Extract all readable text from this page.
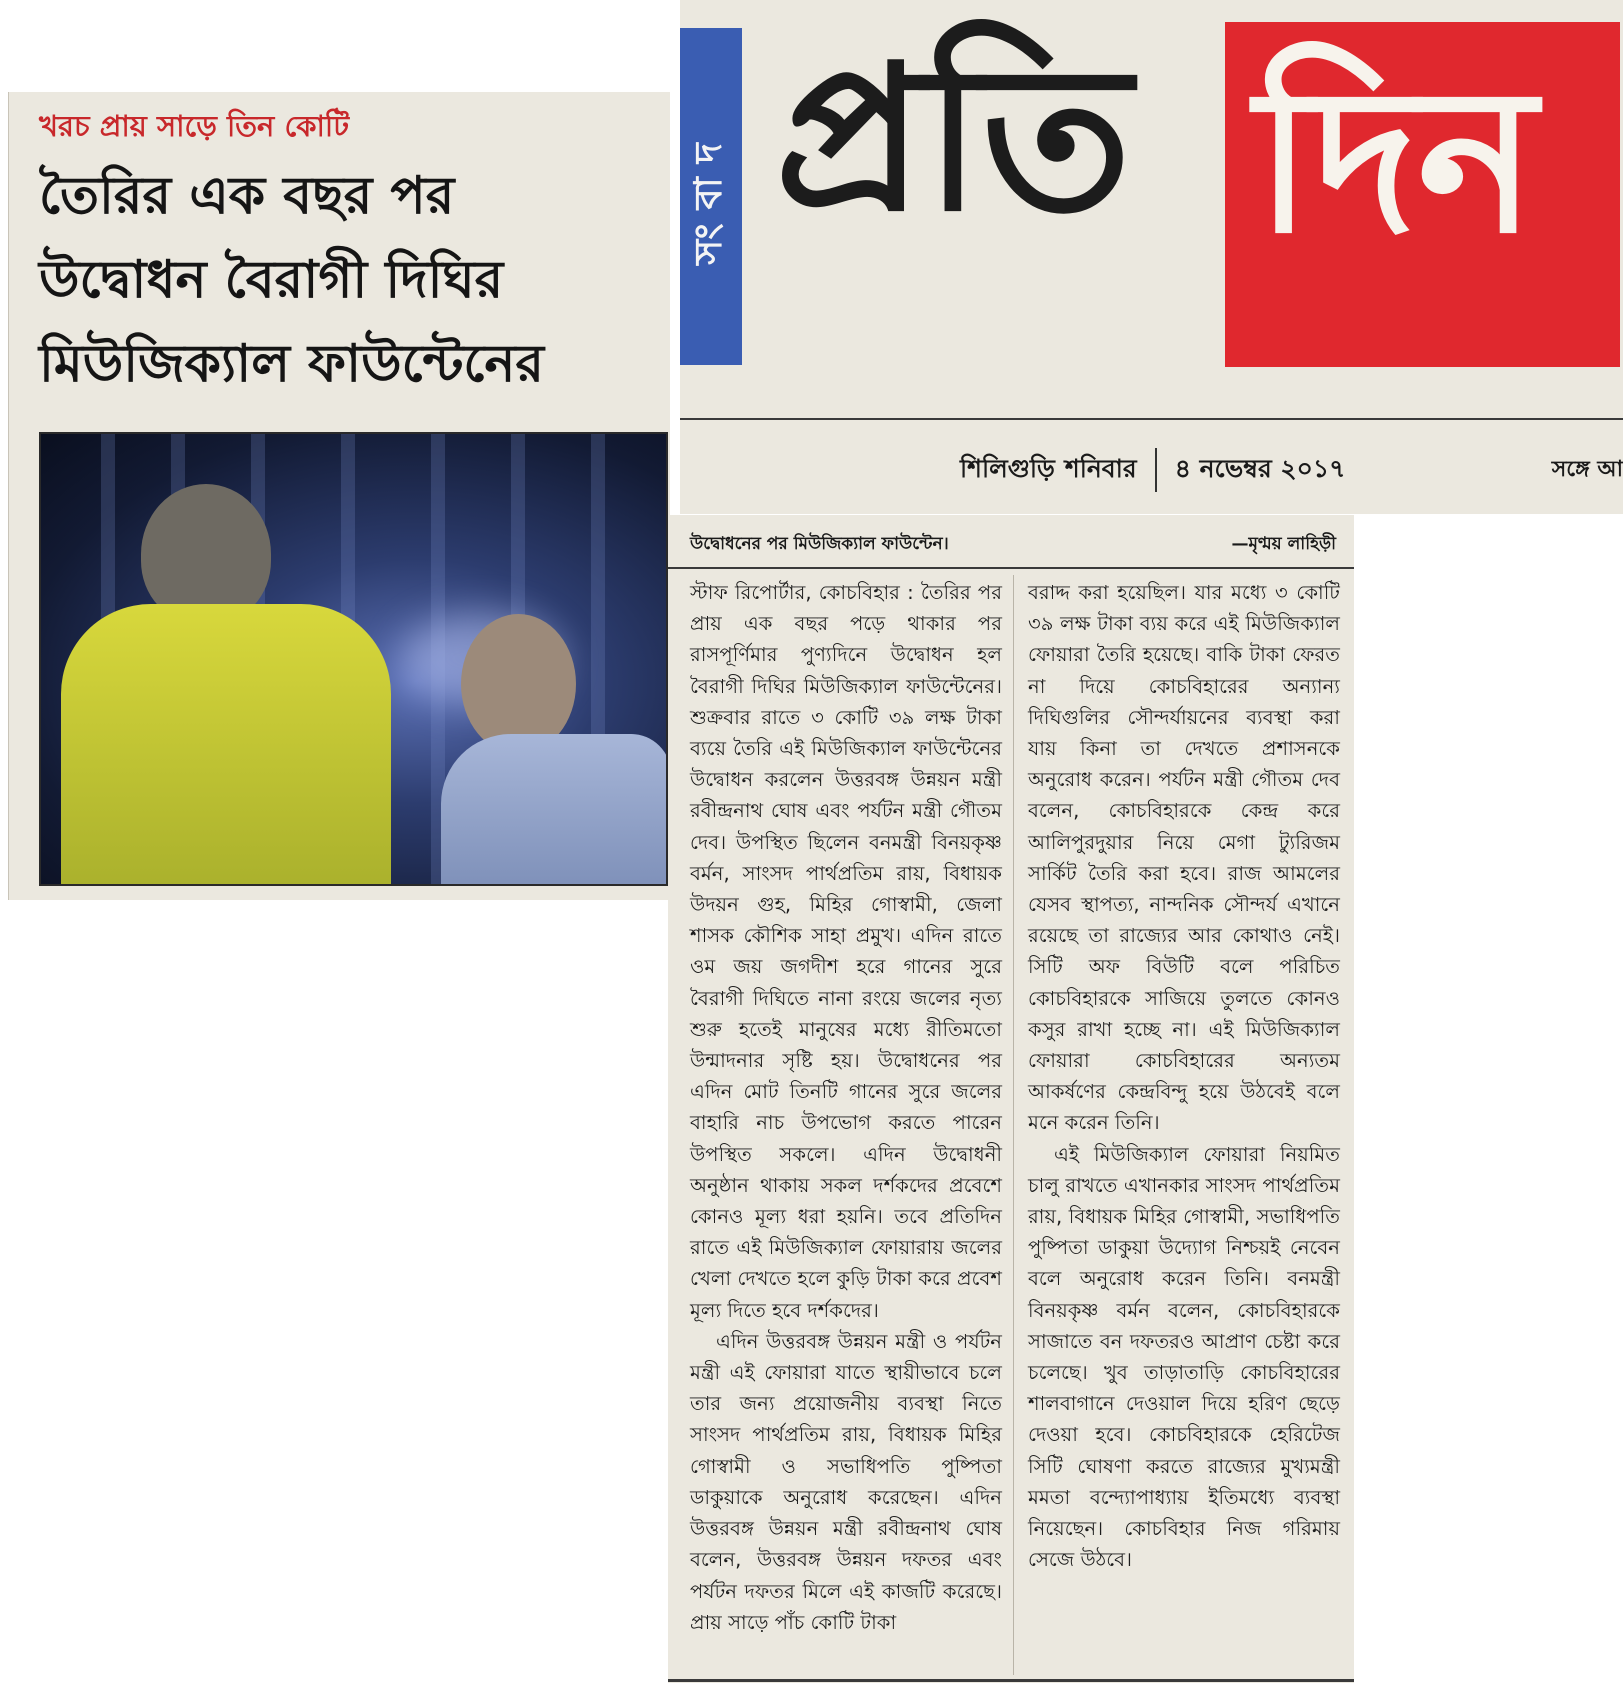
খরচ প্রায় সাড়ে তিন কোটি
তৈরির এক বছর পর
উদ্বোধন বৈরাগী দিঘির
মিউজিক্যাল ফাউন্টেনের
সংবাদ প্রতি দিন
শিলিগুড়ি শনিবার ৪ নভেম্বর ২০১৭	সঙ্গে আ
উদ্বোধনের পর মিউজিক্যাল ফাউন্টেন।	—মৃণ্ময় লাহিড়ী

স্টাফ রিপোর্টার, কোচবিহার : তৈরির পর প্রায় এক বছর পড়ে থাকার পর রাসপূর্ণিমার পুণ্যদিনে উদ্বোধন হল বৈরাগী দিঘির মিউজিক্যাল ফাউন্টেনের। শুক্রবার রাতে ৩ কোটি ৩৯ লক্ষ টাকা ব্যয়ে তৈরি এই মিউজিক্যাল ফাউন্টেনের উদ্বোধন করলেন উত্তরবঙ্গ উন্নয়ন মন্ত্রী রবীন্দ্রনাথ ঘোষ এবং পর্যটন মন্ত্রী গৌতম দেব। উপস্থিত ছিলেন বনমন্ত্রী বিনয়কৃষ্ণ বর্মন, সাংসদ পার্থপ্রতিম রায়, বিধায়ক উদয়ন গুহ, মিহির গোস্বামী, জেলা শাসক কৌশিক সাহা প্রমুখ। এদিন রাতে ওম জয় জগদীশ হরে গানের সুরে বৈরাগী দিঘিতে নানা রংয়ে জলের নৃত্য শুরু হতেই মানুষের মধ্যে রীতিমতো উন্মাদনার সৃষ্টি হয়। উদ্বোধনের পর এদিন মোট তিনটি গানের সুরে জলের বাহারি নাচ উপভোগ করতে পারেন উপস্থিত সকলে। এদিন উদ্বোধনী অনুষ্ঠান থাকায় সকল দর্শকদের প্রবেশে কোনও মূল্য ধরা হয়নি। তবে প্রতিদিন রাতে এই মিউজিক্যাল ফোয়ারায় জলের খেলা দেখতে হলে কুড়ি টাকা করে প্রবেশ মূল্য দিতে হবে দর্শকদের।

এদিন উত্তরবঙ্গ উন্নয়ন মন্ত্রী ও পর্যটন মন্ত্রী এই ফোয়ারা যাতে স্থায়ীভাবে চলে তার জন্য প্রয়োজনীয় ব্যবস্থা নিতে সাংসদ পার্থপ্রতিম রায়, বিধায়ক মিহির গোস্বামী ও সভাধিপতি পুষ্পিতা ডাকুয়াকে অনুরোধ করেছেন। এদিন উত্তরবঙ্গ উন্নয়ন মন্ত্রী রবীন্দ্রনাথ ঘোষ বলেন, উত্তরবঙ্গ উন্নয়ন দফতর এবং পর্যটন দফতর মিলে এই কাজটি করেছে। প্রায় সাড়ে পাঁচ কোটি টাকা

বরাদ্দ করা হয়েছিল। যার মধ্যে ৩ কোটি ৩৯ লক্ষ টাকা ব্যয় করে এই মিউজিক্যাল ফোয়ারা তৈরি হয়েছে। বাকি টাকা ফেরত না দিয়ে কোচবিহারের অন্যান্য দিঘিগুলির সৌন্দর্যায়নের ব্যবস্থা করা যায় কিনা তা দেখতে প্রশাসনকে অনুরোধ করেন। পর্যটন মন্ত্রী গৌতম দেব বলেন, কোচবিহারকে কেন্দ্র করে আলিপুরদুয়ার নিয়ে মেগা ট্যুরিজম সার্কিট তৈরি করা হবে। রাজ আমলের যেসব স্থাপত্য, নান্দনিক সৌন্দর্য এখানে রয়েছে তা রাজ্যের আর কোথাও নেই। সিটি অফ বিউটি বলে পরিচিত কোচবিহারকে সাজিয়ে তুলতে কোনও কসুর রাখা হচ্ছে না। এই মিউজিক্যাল ফোয়ারা কোচবিহারের অন্যতম আকর্ষণের কেন্দ্রবিন্দু হয়ে উঠবেই বলে মনে করেন তিনি।

এই মিউজিক্যাল ফোয়ারা নিয়মিত চালু রাখতে এখানকার সাংসদ পার্থপ্রতিম রায়, বিধায়ক মিহির গোস্বামী, সভাধিপতি পুষ্পিতা ডাকুয়া উদ্যোগ নিশ্চয়ই নেবেন বলে অনুরোধ করেন তিনি। বনমন্ত্রী বিনয়কৃষ্ণ বর্মন বলেন, কোচবিহারকে সাজাতে বন দফতরও আপ্রাণ চেষ্টা করে চলেছে। খুব তাড়াতাড়ি কোচবিহারের শালবাগানে দেওয়াল দিয়ে হরিণ ছেড়ে দেওয়া হবে। কোচবিহারকে হেরিটেজ সিটি ঘোষণা করতে রাজ্যের মুখ্যমন্ত্রী মমতা বন্দ্যোপাধ্যায় ইতিমধ্যে ব্যবস্থা নিয়েছেন। কোচবিহার নিজ গরিমায় সেজে উঠবে।
